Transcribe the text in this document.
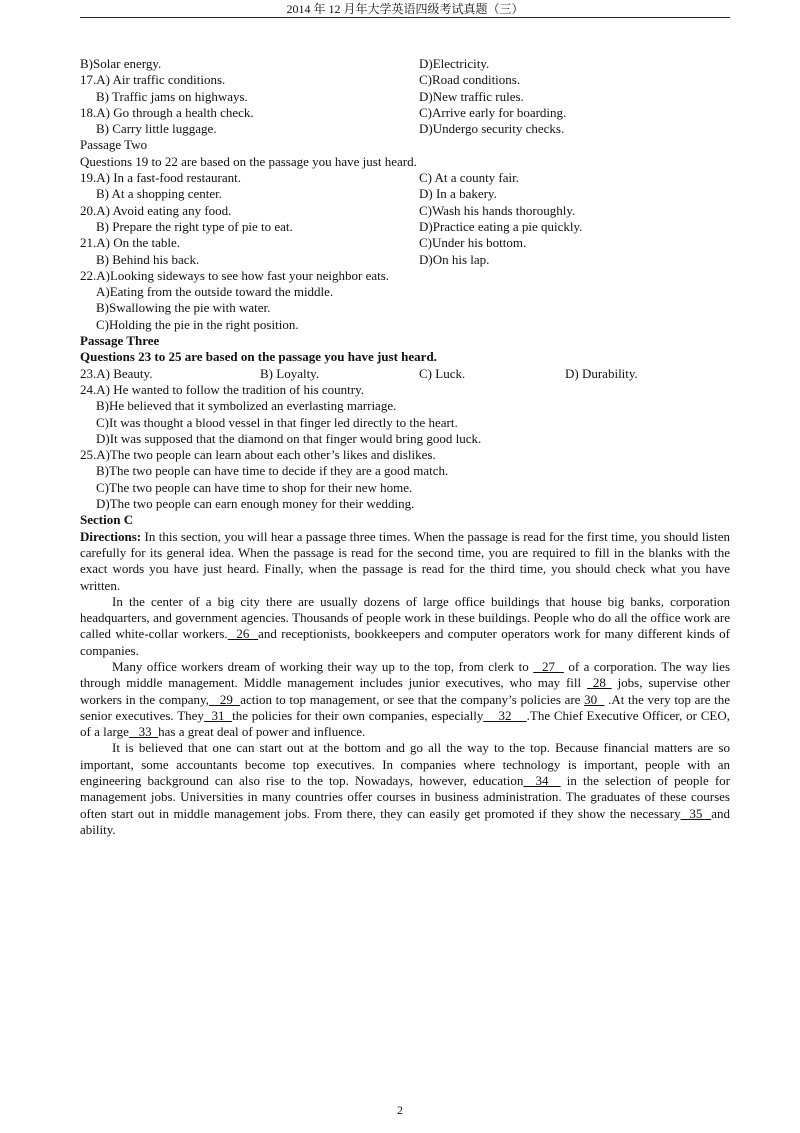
2014 年 12 月年大学英语四级考试真题（三）
B)Solar energy.	D)Electricity.
17.A) Air traffic conditions.	C)Road conditions.
B) Traffic jams on highways.	D)New traffic rules.
18.A) Go through a health check.	C)Arrive early for boarding.
B) Carry little luggage.	D)Undergo security checks.
Passage Two
Questions 19 to 22 are based on the passage you have just heard.
19.A) In a fast-food restaurant.	C) At a county fair.
B) At a shopping center.	D) In a bakery.
20.A) Avoid eating any food.	C)Wash his hands thoroughly.
B) Prepare the right type of pie to eat.	D)Practice eating a pie quickly.
21.A) On the table.	C)Under his bottom.
B) Behind his back.	D)On his lap.
22.A)Looking sideways to see how fast your neighbor eats.
A)Eating from the outside toward the middle.
B)Swallowing the pie with water.
C)Holding the pie in the right position.
Passage Three
Questions 23 to 25 are based on the passage you have just heard.
23.A) Beauty.	B) Loyalty.	C) Luck.	D) Durability.
24.A) He wanted to follow the tradition of his country.
B)He believed that it symbolized an everlasting marriage.
C)It was thought a blood vessel in that finger led directly to the heart.
D)It was supposed that the diamond on that finger would bring good luck.
25.A)The two people can learn about each other’s likes and dislikes.
B)The two people can have time to decide if they are a good match.
C)The two people can have time to shop for their new home.
D)The two people can earn enough money for their wedding.
Section C

Directions: In this section, you will hear a passage three times. When the passage is read for the first time, you should listen carefully for its general idea. When the passage is read for the second time, you are required to fill in the blanks with the exact words you have just heard. Finally, when the passage is read for the third time, you should check what you have written.

In the center of a big city there are usually dozens of large office buildings that house big banks, corporation headquarters, and government agencies. Thousands of people work in these buildings. People who do all the office work are called white-collar workers.  26  and receptionists, bookkeepers and computer operators work for many different kinds of companies.

Many office workers dream of working their way up to the top, from clerk to   27   of a corporation. The way lies through middle management. Middle management includes junior executives, who may fill  28  jobs, supervise other workers in the company,   29  action to top management, or see that the company’s policies are 30   .At the very top are the senior executives. They  31  the policies for their own companies, especially    32    .The Chief Executive Officer, or CEO, of a large   33  has a great deal of power and influence.

It is believed that one can start out at the bottom and go all the way to the top. Because financial matters are so important, some accountants become top executives. In companies where technology is important, people with an engineering background can also rise to the top. Nowadays, however, education  34   in the selection of people for management jobs. Universities in many countries offer courses in business administration. The graduates of these courses often start out in middle management jobs. From there, they can easily get promoted if they show the necessary  35  and ability.

2
